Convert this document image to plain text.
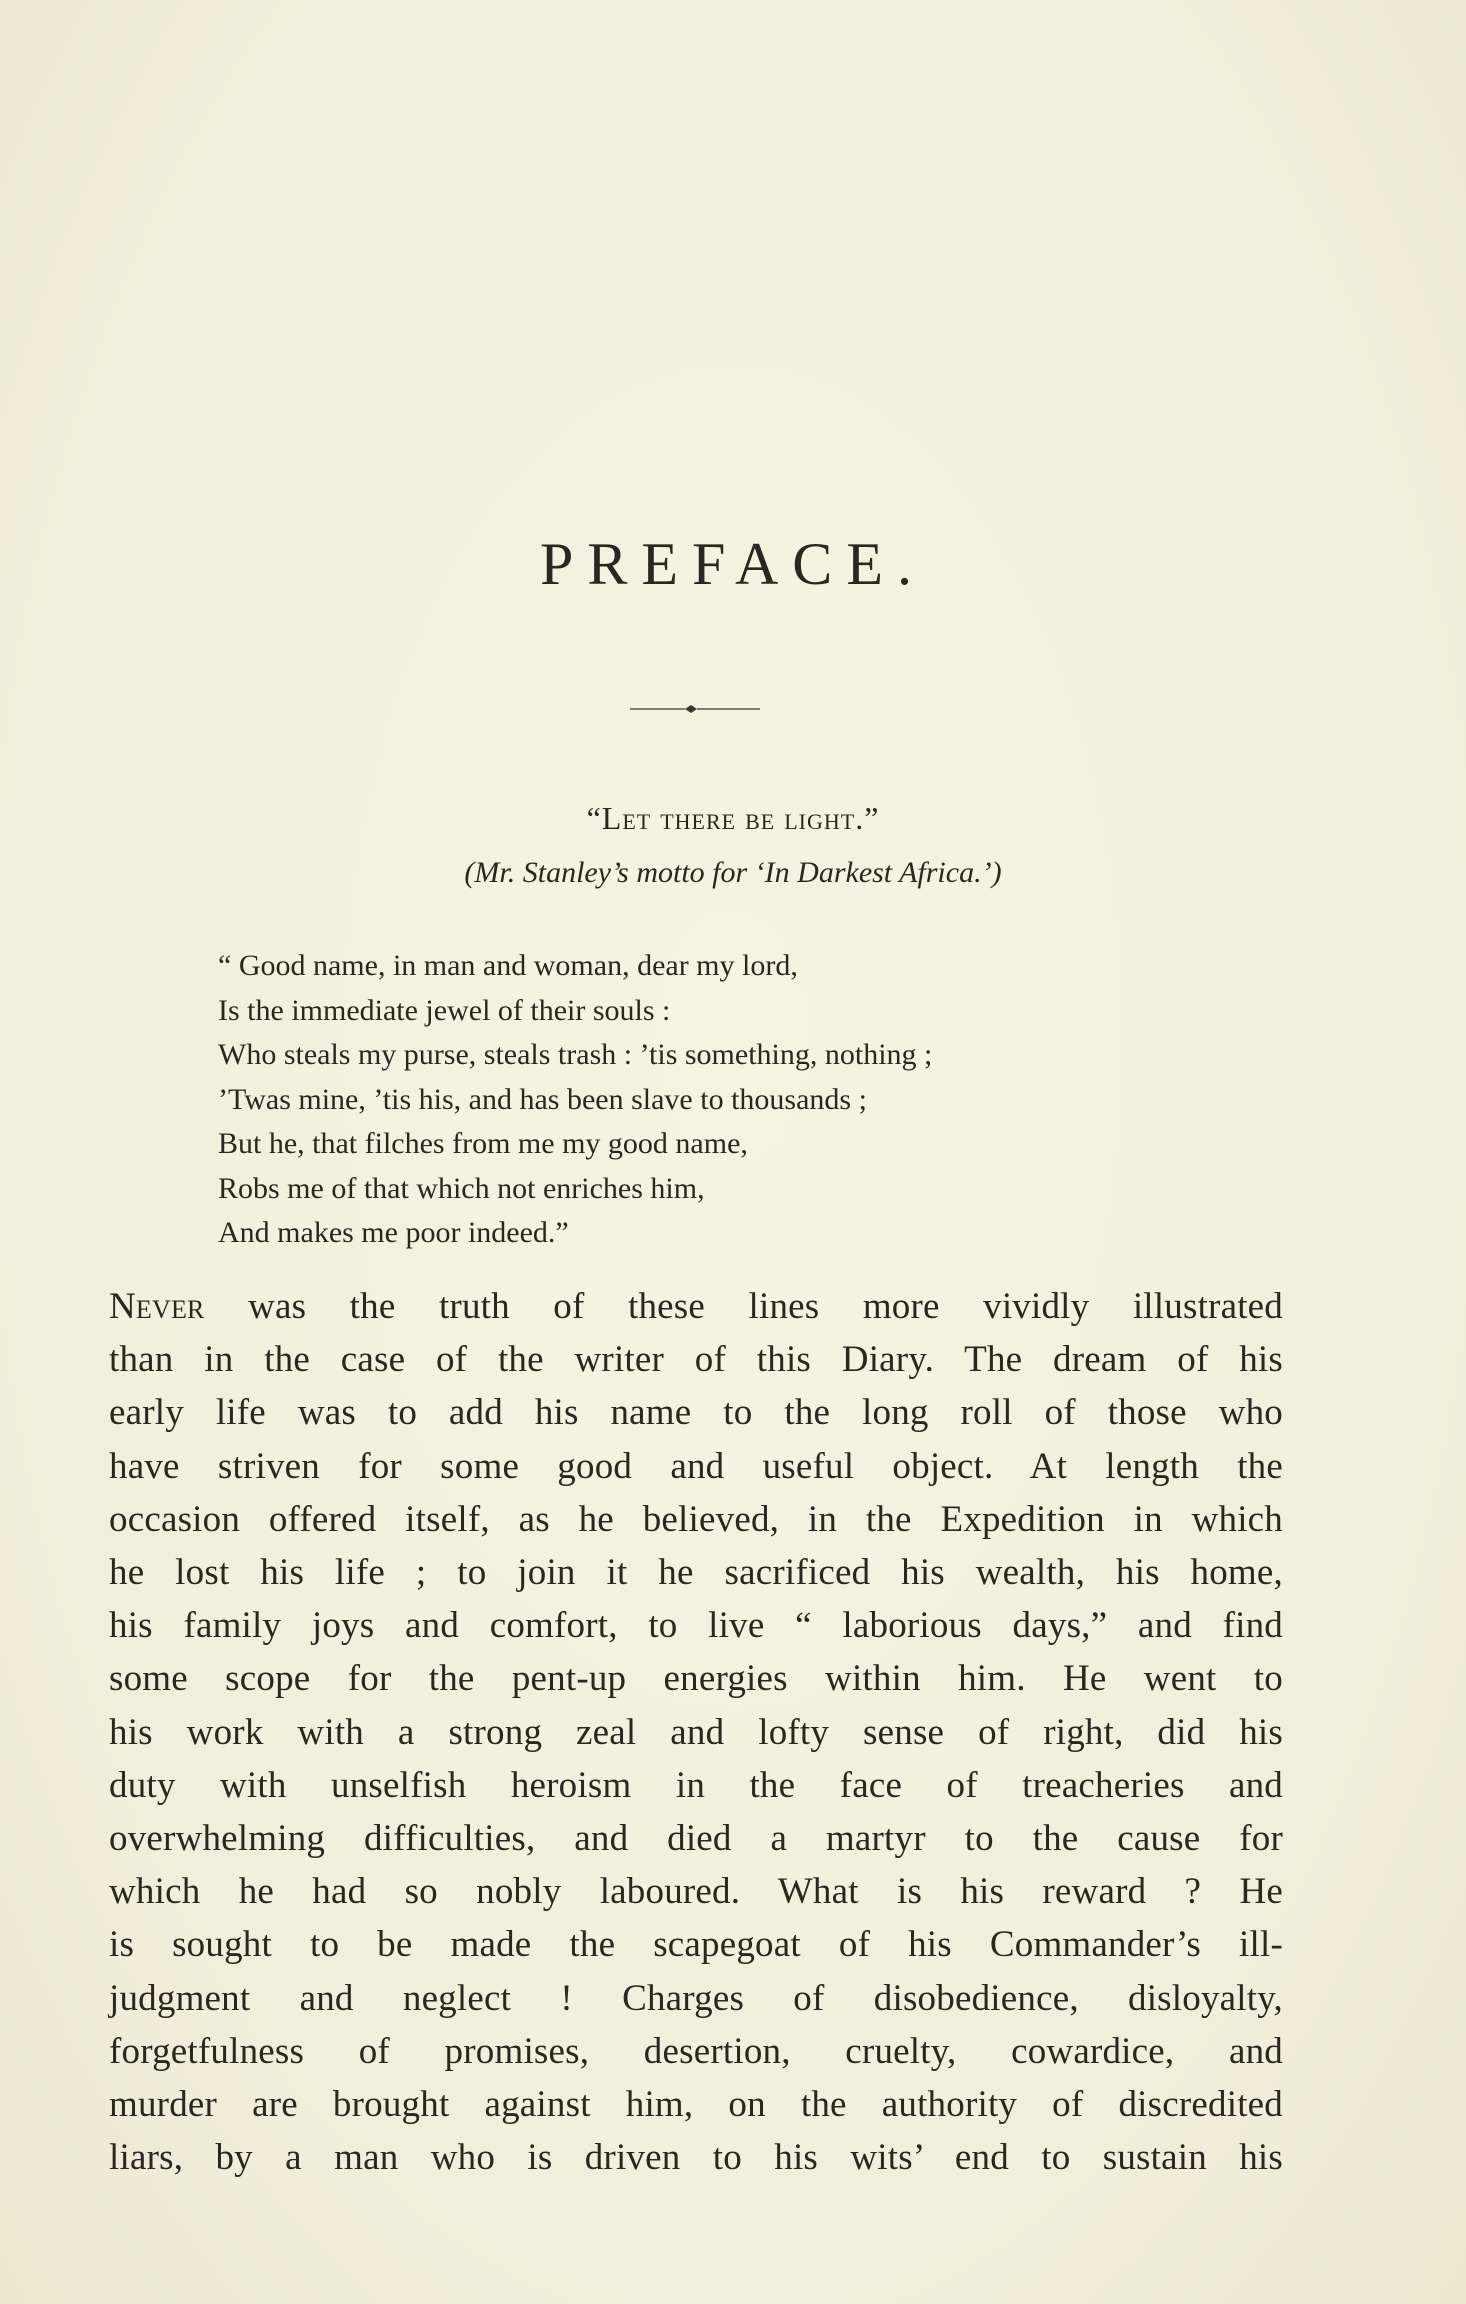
PREFACE.
“Let there be light.”
(Mr. Stanley’s motto for ‘In Darkest Africa.’)
“ Good name, in man and woman, dear my lord,
Is the immediate jewel of their souls :
Who steals my purse, steals trash : ’tis something, nothing ;
’Twas mine, ’tis his, and has been slave to thousands ;
But he, that filches from me my good name,
Robs me of that which not enriches him,
And makes me poor indeed.”
Never was the truth of these lines more vividly illustrated
than in the case of the writer of this Diary. The dream of his
early life was to add his name to the long roll of those who
have striven for some good and useful object. At length the
occasion offered itself, as he believed, in the Expedition in which
he lost his life ; to join it he sacrificed his wealth, his home,
his family joys and comfort, to live “ laborious days,” and find
some scope for the pent-up energies within him. He went to
his work with a strong zeal and lofty sense of right, did his
duty with unselfish heroism in the face of treacheries and
overwhelming difficulties, and died a martyr to the cause for
which he had so nobly laboured. What is his reward ? He
is sought to be made the scapegoat of his Commander’s ill-
judgment and neglect ! Charges of disobedience, disloyalty,
forgetfulness of promises, desertion, cruelty, cowardice, and
murder are brought against him, on the authority of discredited
liars, by a man who is driven to his wits’ end to sustain his
